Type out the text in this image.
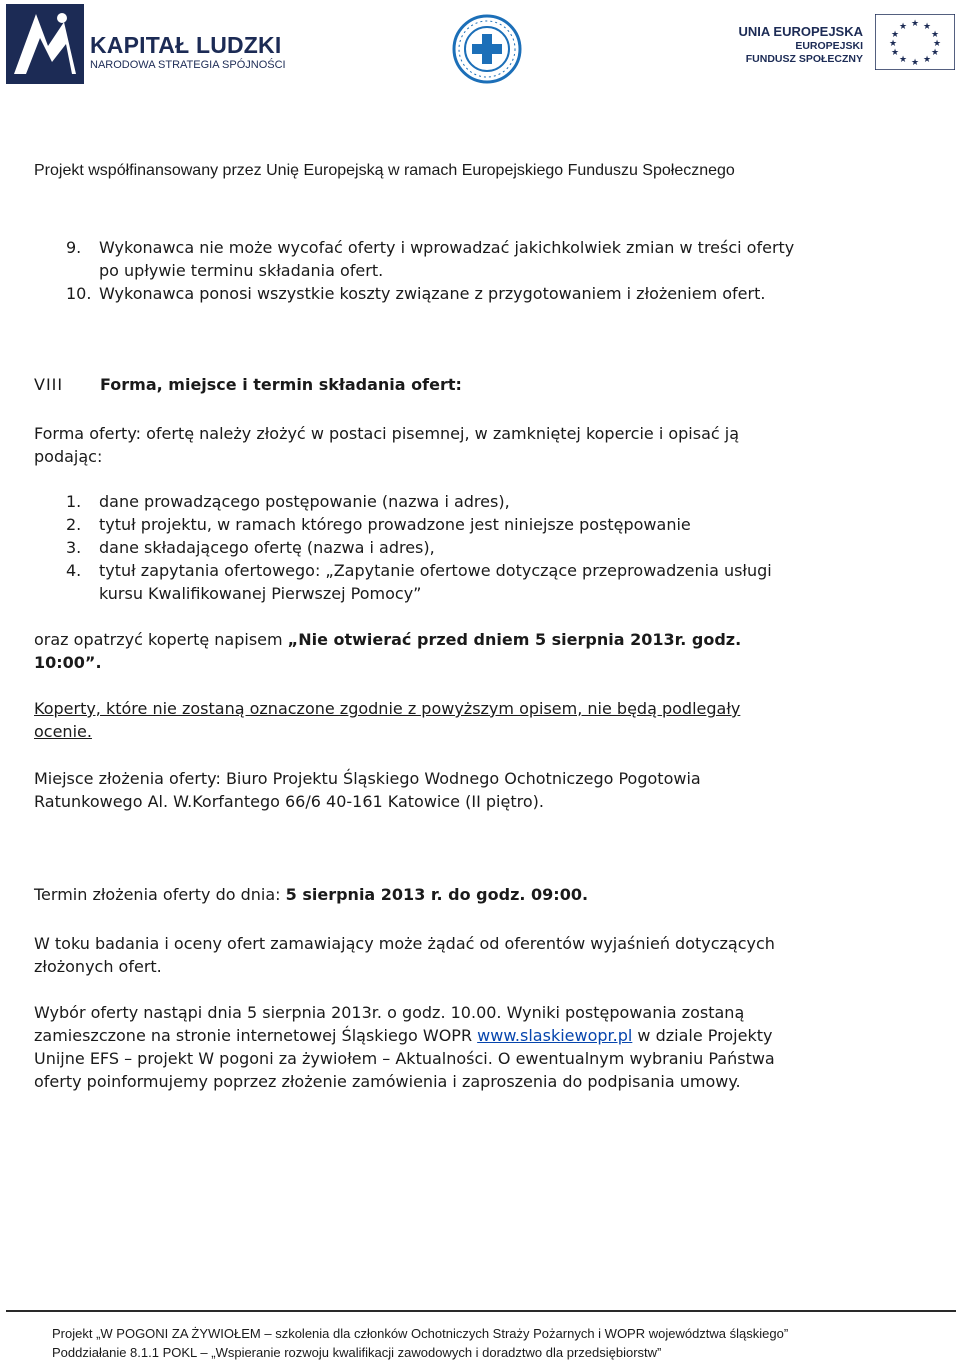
KAPITAŁ LUDZKI
NARODOWA STRATEGIA SPÓJNOŚCI
UNIA EUROPEJSKA
EUROPEJSKI
FUNDUSZ SPOŁECZNY
★ ★
★
★
★
★
★
★
★
★
★
★
Projekt współfinansowany przez Unię Europejską w ramach Europejskiego Funduszu Społecznego
9. Wykonawca nie może wycofać oferty i wprowadzać jakichkolwiek zmian w treści oferty
po upływie terminu składania ofert.
10. Wykonawca ponosi wszystkie koszty związane z przygotowaniem i złożeniem ofert.
VIII Forma, miejsce i termin składania ofert:
Forma oferty: ofertę należy złożyć w postaci pisemnej, w zamkniętej kopercie i opisać ją
podając:
1. dane prowadzącego postępowanie (nazwa i adres),
2. tytuł projektu, w ramach którego prowadzone jest niniejsze postępowanie
3. dane składającego ofertę (nazwa i adres),
4. tytuł zapytania ofertowego: „Zapytanie ofertowe dotyczące przeprowadzenia usługi
kursu Kwalifikowanej Pierwszej Pomocy”
oraz opatrzyć kopertę napisem „Nie otwierać przed dniem 5 sierpnia 2013r. godz.
10:00”.
Koperty, które nie zostaną oznaczone zgodnie z powyższym opisem, nie będą podlegały
ocenie.
Miejsce złożenia oferty: Biuro Projektu Śląskiego Wodnego Ochotniczego Pogotowia
Ratunkowego Al. W.Korfantego 66/6 40-161 Katowice (II piętro).
Termin złożenia oferty do dnia: 5 sierpnia 2013 r. do godz. 09:00.
W toku badania i oceny ofert zamawiający może żądać od oferentów wyjaśnień dotyczących
złożonych ofert.
Wybór oferty nastąpi dnia 5 sierpnia 2013r. o godz. 10.00. Wyniki postępowania zostaną
zamieszczone na stronie internetowej Śląskiego WOPR www.slaskiewopr.pl w dziale Projekty
Unijne EFS – projekt W pogoni za żywiołem – Aktualności. O ewentualnym wybraniu Państwa
oferty poinformujemy poprzez złożenie zamówienia i zaproszenia do podpisania umowy.
Projekt „W POGONI ZA ŻYWIOŁEM – szkolenia dla członków Ochotniczych Straży Pożarnych i WOPR województwa śląskiego”
Poddziałanie 8.1.1 POKL – „Wspieranie rozwoju kwalifikacji zawodowych i doradztwo dla przedsiębiorstw”
